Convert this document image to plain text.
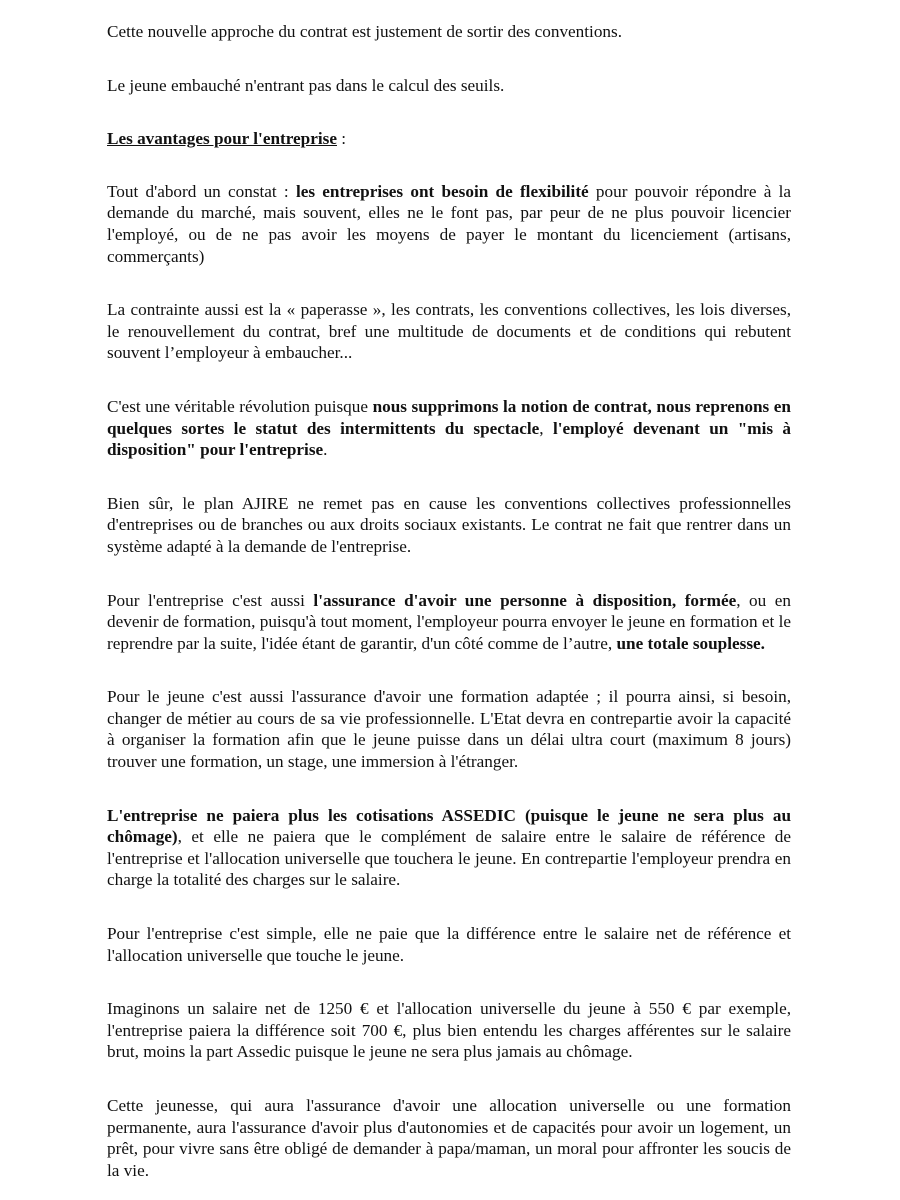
Cette nouvelle approche du contrat est justement de sortir des conventions.

Le jeune embauché n'entrant pas dans le calcul des seuils.

Les avantages pour l'entreprise :

Tout d'abord un constat : les entreprises ont besoin de flexibilité pour pouvoir répondre à la demande du marché, mais souvent, elles ne le font pas, par peur de ne plus pouvoir licencier l'employé, ou de ne pas avoir les moyens de payer le montant du licenciement (artisans, commerçants)

La contrainte aussi est la « paperasse », les contrats, les conventions collectives, les lois diverses, le renouvellement du contrat, bref une multitude de documents et de conditions qui rebutent souvent l’employeur à embaucher...

C'est une véritable révolution puisque nous supprimons la notion de contrat, nous reprenons en quelques sortes le statut des intermittents du spectacle, l'employé devenant un "mis à disposition" pour l'entreprise.

Bien sûr, le plan AJIRE ne remet pas en cause les conventions collectives professionnelles d'entreprises ou de branches ou aux droits sociaux existants. Le contrat ne fait que rentrer dans un système adapté à la demande de l'entreprise.

Pour l'entreprise c'est aussi l'assurance d'avoir une personne à disposition, formée, ou en devenir de formation, puisqu'à tout moment, l'employeur pourra envoyer le jeune en formation et le reprendre par la suite, l'idée étant de garantir, d'un côté comme de l’autre, une totale souplesse.

Pour le jeune c'est aussi l'assurance d'avoir une formation adaptée ; il pourra ainsi, si besoin, changer de métier au cours de sa vie professionnelle. L'Etat devra en contrepartie avoir la capacité à organiser la formation afin que le jeune puisse dans un délai ultra court (maximum 8 jours) trouver une formation, un stage, une immersion à l'étranger.

L'entreprise ne paiera plus les cotisations ASSEDIC (puisque le jeune ne sera plus au chômage), et elle ne paiera que le complément de salaire entre le salaire de référence de l'entreprise et l'allocation universelle que touchera le jeune. En contrepartie l'employeur prendra en charge la totalité des charges sur le salaire.

Pour l'entreprise c'est simple, elle ne paie que la différence entre le salaire net de référence et l'allocation universelle que touche le jeune.

Imaginons un salaire net de 1250 € et l'allocation universelle du jeune à 550 € par exemple, l'entreprise paiera la différence soit 700 €, plus bien entendu les charges afférentes sur le salaire brut, moins la part Assedic puisque le jeune ne sera plus jamais au chômage.

Cette jeunesse, qui aura l'assurance d'avoir une allocation universelle ou une formation permanente, aura l'assurance d'avoir plus d'autonomies et de capacités pour avoir un logement, un prêt, pour vivre sans être obligé de demander à papa/maman, un moral pour affronter les soucis de la vie.
